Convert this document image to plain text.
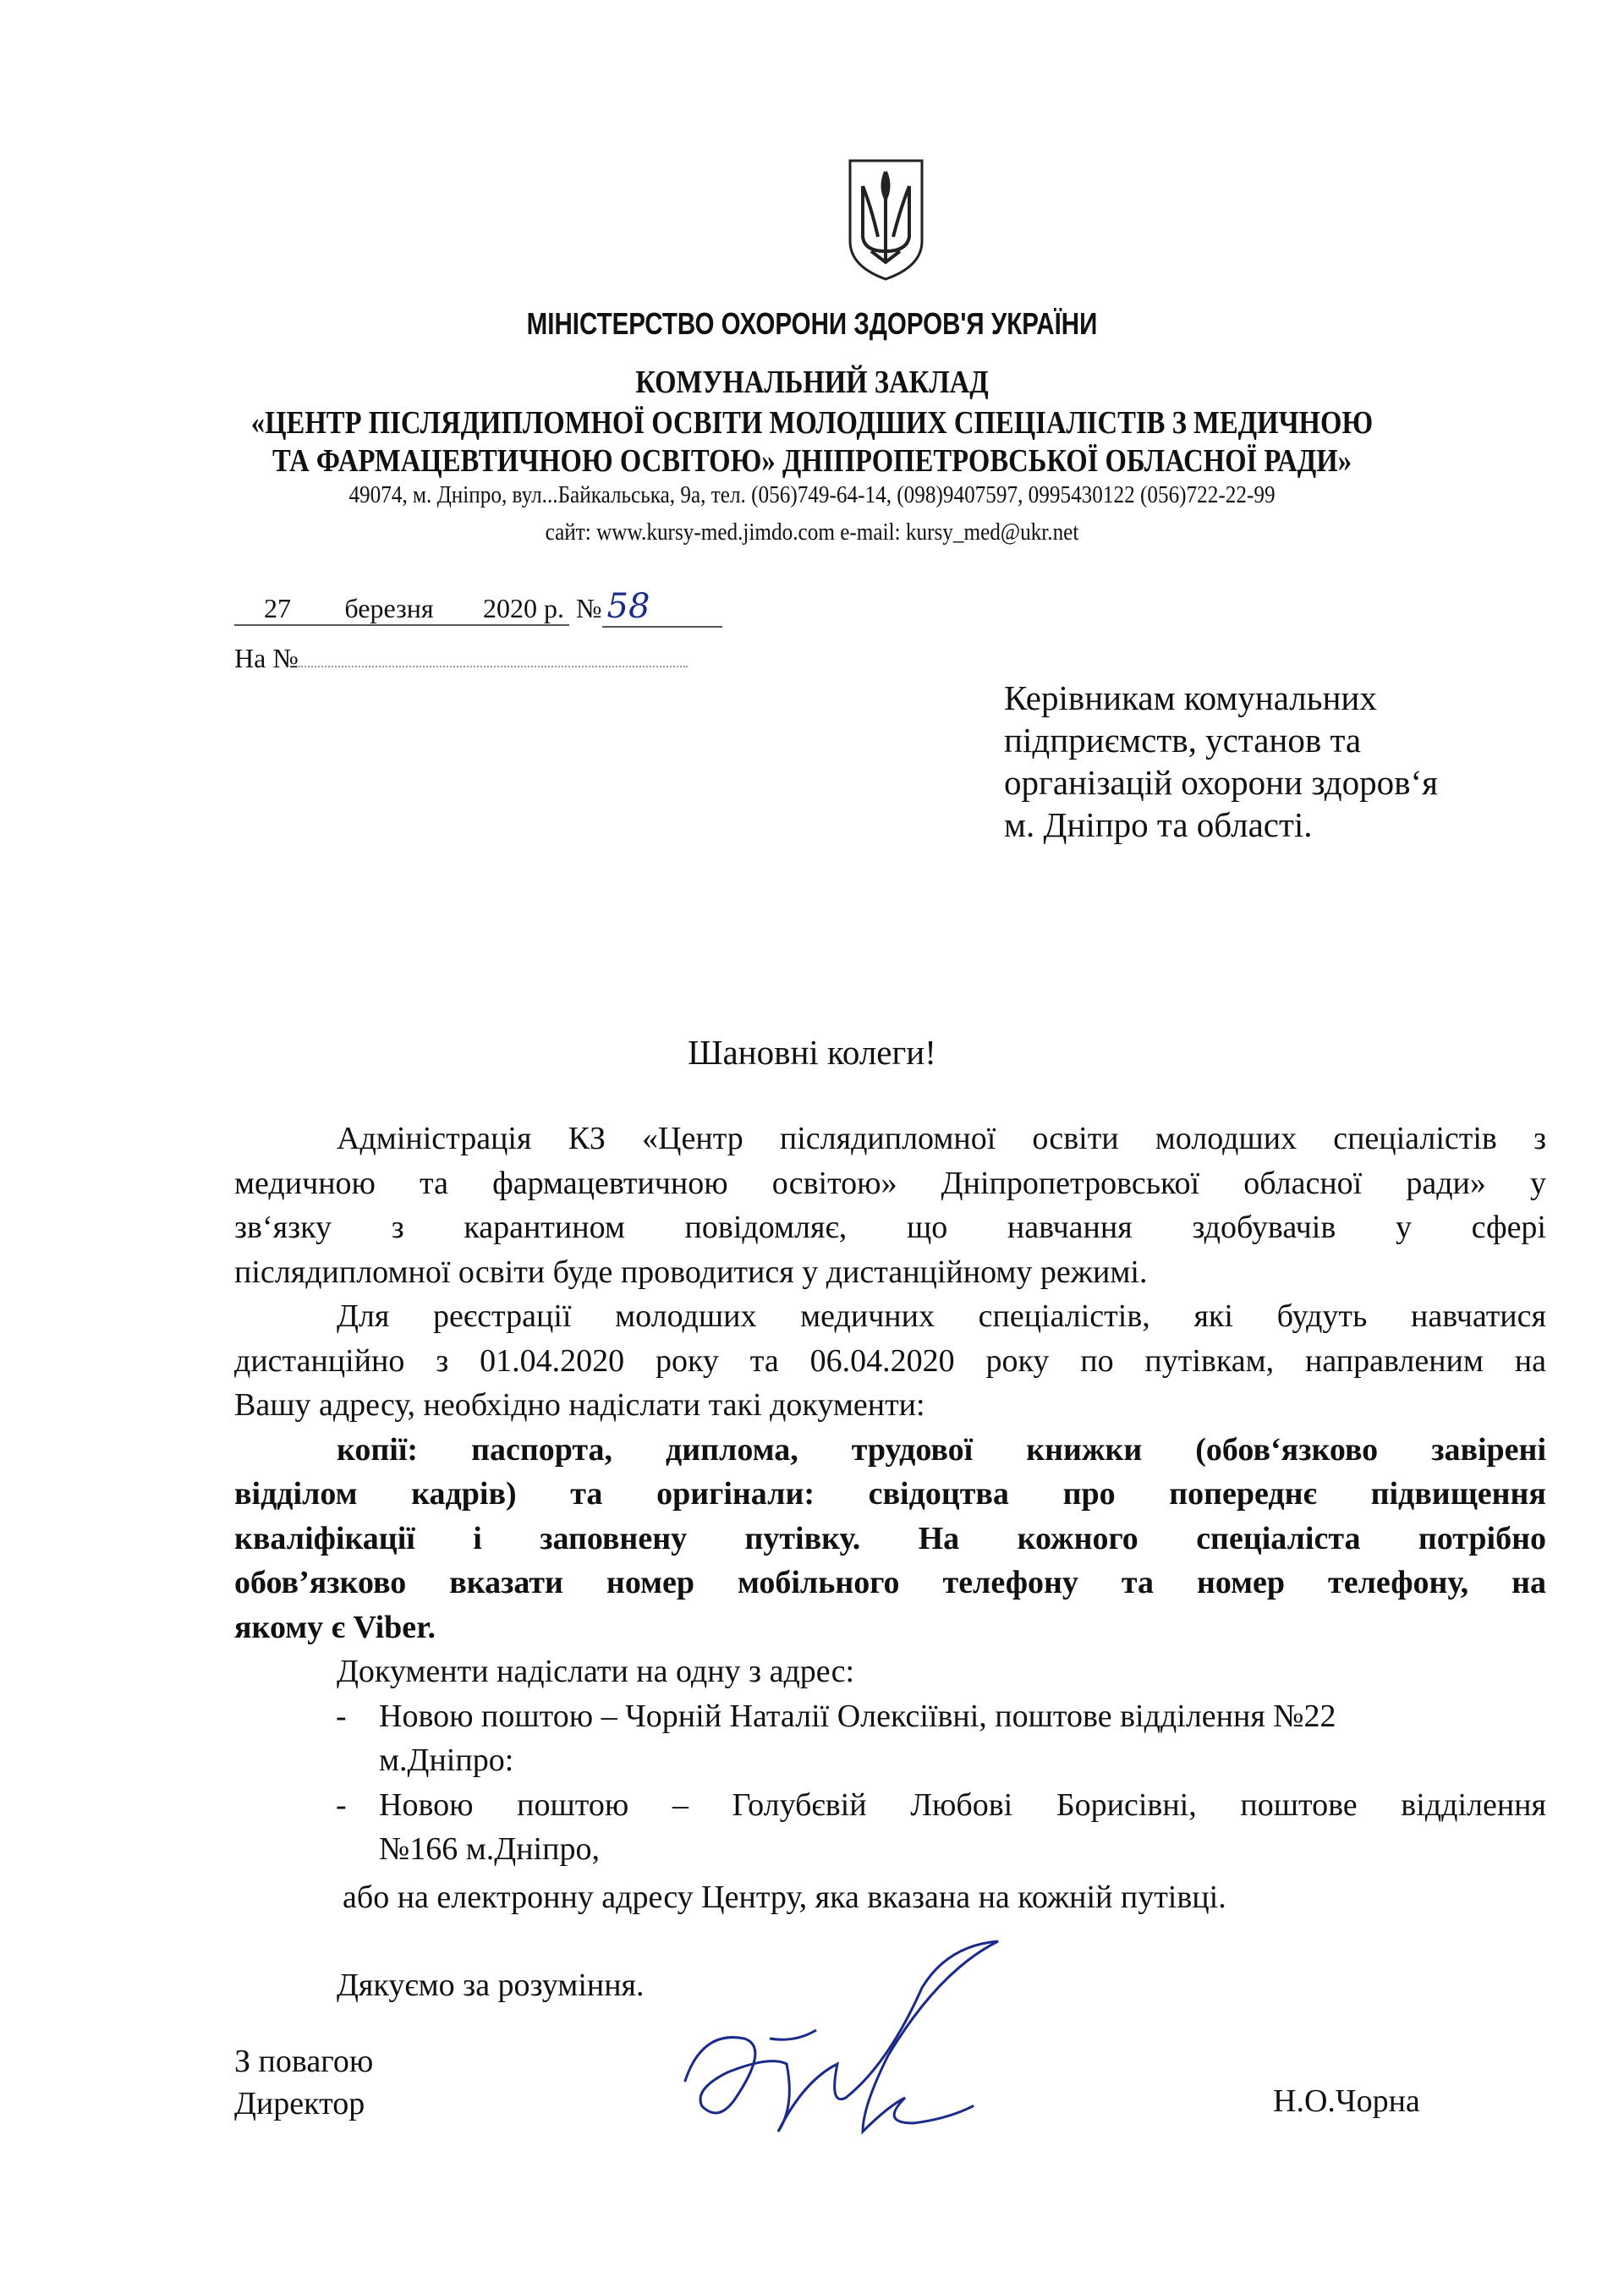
МІНІСТЕРСТВО ОХОРОНИ ЗДОРОВ'Я УКРАЇНИ
КОМУНАЛЬНИЙ ЗАКЛАД
«ЦЕНТР ПІСЛЯДИПЛОМНОЇ ОСВІТИ МОЛОДШИХ СПЕЦІАЛІСТІВ З МЕДИЧНОЮ
ТА ФАРМАЦЕВТИЧНОЮ ОСВІТОЮ» ДНІПРОПЕТРОВСЬКОЇ ОБЛАСНОЇ РАДИ»
49074, м. Дніпро, вул...Байкальська, 9а, тел. (056)749-64-14, (098)9407597, 0995430122 (056)722-22-99
сайт: www.kursy-med.jimdo.com e-mail: kursy_med@ukr.net
27 березня 2020 р. № 58
На №
Керівникам комунальних
підприємств, установ та
організацій охорони здоров‘я
м. Дніпро та області.
Шановні колеги!
Адміністрація КЗ «Центр післядипломної освіти молодших спеціалістів з
медичною та фармацевтичною освітою» Дніпропетровської обласної ради» у
зв‘язку з карантином повідомляє, що навчання здобувачів у сфері
післядипломної освіти буде проводитися у дистанційному режимі.
Для реєстрації молодших медичних спеціалістів, які будуть навчатися
дистанційно з 01.04.2020 року та 06.04.2020 року по путівкам, направленим на
Вашу адресу, необхідно надіслати такі документи:
копії: паспорта, диплома, трудової книжки (обов‘язково завірені
відділом кадрів) та оригінали: свідоцтва про попереднє підвищення
кваліфікації і заповнену путівку. На кожного спеціаліста потрібно
обов’язково вказати номер мобільного телефону та номер телефону, на
якому є Viber.
Документи надіслати на одну з адрес:
- Новою поштою – Чорній Наталії Олексіївні, поштове відділення №22
м.Дніпро:
- Новою поштою – Голубєвій Любові Борисівні, поштове відділення
№166 м.Дніпро,
або на електронну адресу Центру, яка вказана на кожній путівці.
Дякуємо за розуміння.
З повагою
Директор	Н.О.Чорна
